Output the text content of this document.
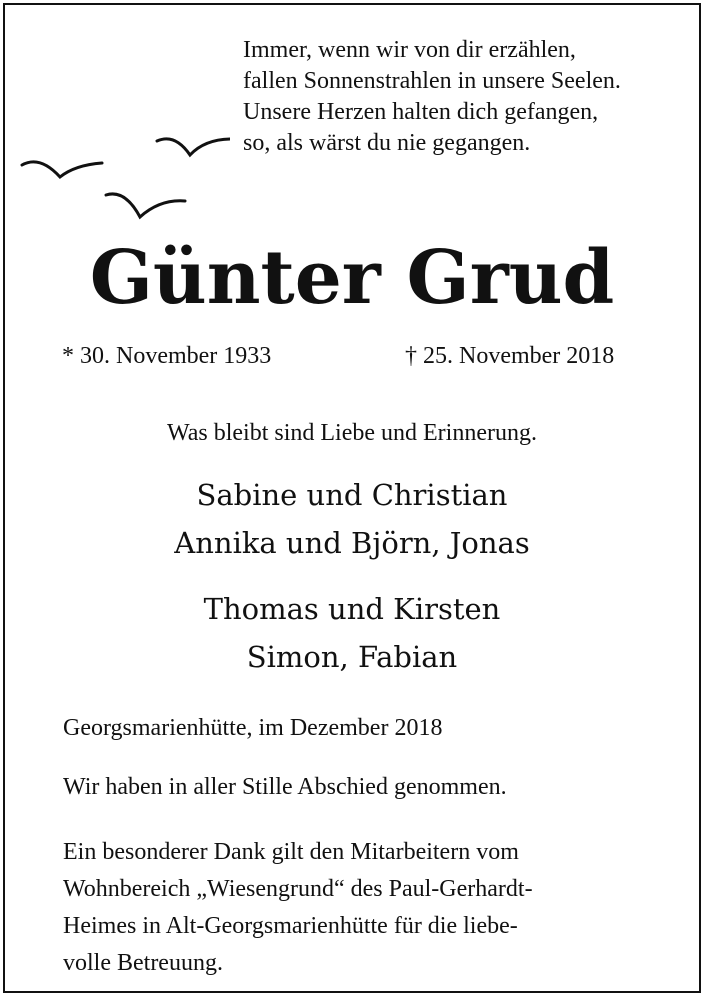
Immer, wenn wir von dir erzählen,
fallen Sonnenstrahlen in unsere Seelen.
Unsere Herzen halten dich gefangen,
so, als wärst du nie gegangen.
Günter Grud
* 30. November 1933	† 25. November 2018
Was bleibt sind Liebe und Erinnerung.
Sabine und Christian
Annika und Björn, Jonas
Thomas und Kirsten
Simon, Fabian
Georgsmarienhütte, im Dezember 2018
Wir haben in aller Stille Abschied genommen.
Ein besonderer Dank gilt den Mitarbeitern vom
Wohnbereich „Wiesengrund“ des Paul-Gerhardt-
Heimes in Alt-Georgsmarienhütte für die liebe-
volle Betreuung.
